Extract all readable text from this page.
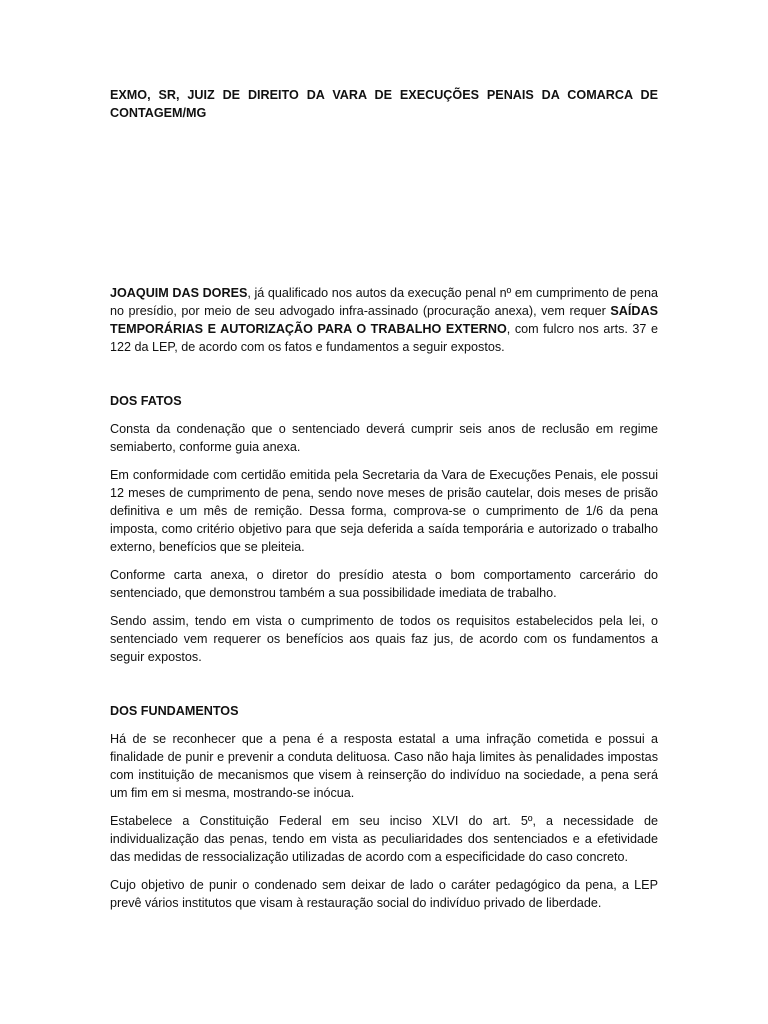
EXMO, SR, JUIZ DE DIREITO DA VARA DE EXECUÇÕES PENAIS DA COMARCA DE CONTAGEM/MG

JOAQUIM DAS DORES, já qualificado nos autos da execução penal nº em cumprimento de pena no presídio, por meio de seu advogado infra-assinado (procuração anexa), vem requer SAÍDAS TEMPORÁRIAS E AUTORIZAÇÃO PARA O TRABALHO EXTERNO, com fulcro nos arts. 37 e 122 da LEP, de acordo com os fatos e fundamentos a seguir expostos.

DOS FATOS

Consta da condenação que o sentenciado deverá cumprir seis anos de reclusão em regime semiaberto, conforme guia anexa.

Em conformidade com certidão emitida pela Secretaria da Vara de Execuções Penais, ele possui 12 meses de cumprimento de pena, sendo nove meses de prisão cautelar, dois meses de prisão definitiva e um mês de remição. Dessa forma, comprova-se o cumprimento de 1/6 da pena imposta, como critério objetivo para que seja deferida a saída temporária e autorizado o trabalho externo, benefícios que se pleiteia.

Conforme carta anexa, o diretor do presídio atesta o bom comportamento carcerário do sentenciado, que demonstrou também a sua possibilidade imediata de trabalho.

Sendo assim, tendo em vista o cumprimento de todos os requisitos estabelecidos pela lei, o sentenciado vem requerer os benefícios aos quais faz jus, de acordo com os fundamentos a seguir expostos.

DOS FUNDAMENTOS

Há de se reconhecer que a pena é a resposta estatal a uma infração cometida e possui a finalidade de punir e prevenir a conduta delituosa. Caso não haja limites às penalidades impostas com instituição de mecanismos que visem à reinserção do indivíduo na sociedade, a pena será um fim em si mesma, mostrando-se inócua.

Estabelece a Constituição Federal em seu inciso XLVI do art. 5º, a necessidade de individualização das penas, tendo em vista as peculiaridades dos sentenciados e a efetividade das medidas de ressocialização utilizadas de acordo com a especificidade do caso concreto.

Cujo objetivo de punir o condenado sem deixar de lado o caráter pedagógico da pena, a LEP prevê vários institutos que visam à restauração social do indivíduo privado de liberdade.
